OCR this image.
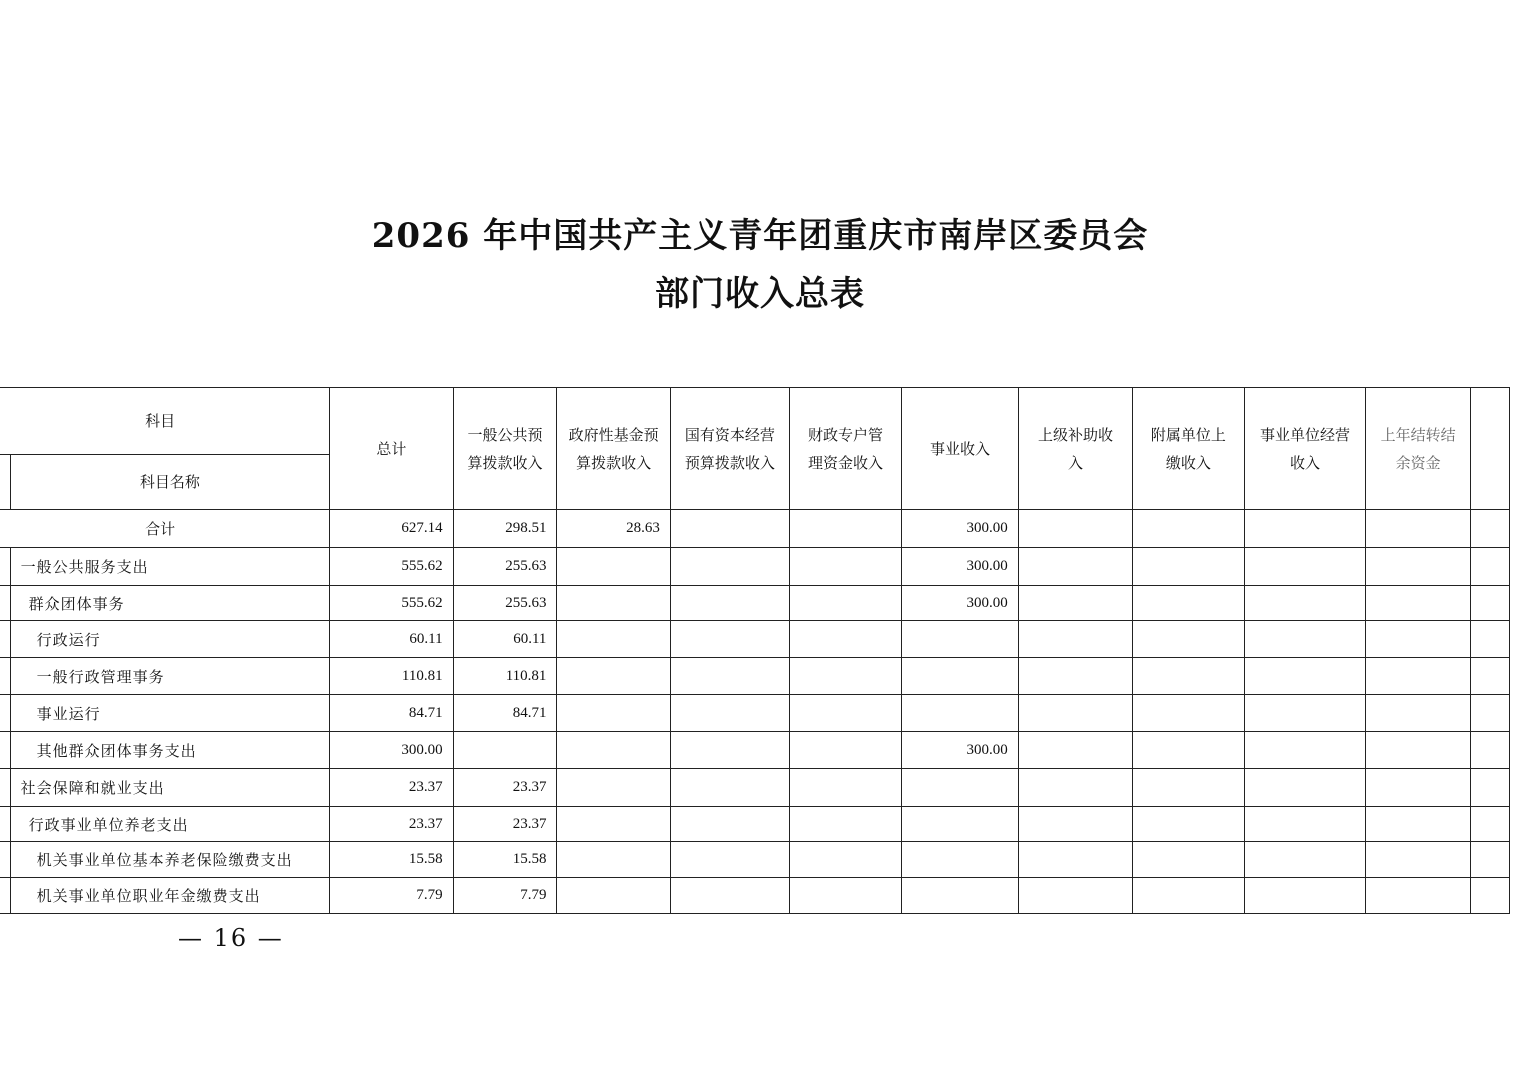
2026 年中国共产主义青年团重庆市南岸区委员会
部门收入总表
科目		总计	一般公共预算拨款收入	政府性基金预算拨款收入	国有资本经营预算拨款收入	财政专户管理资金收入	事业收入	上级补助收入	附属单位上缴收入	事业单位经营收入	上年结转结余资金	
	科目名称											
合计		627.14	298.51	28.63			300.00					
	一般公共服务支出	555.62	255.63				300.00					
	群众团体事务	555.62	255.63				300.00					
	行政运行	60.11	60.11									
	一般行政管理事务	110.81	110.81									
	事业运行	84.71	84.71									
	其他群众团体事务支出	300.00					300.00					
	社会保障和就业支出	23.37	23.37									
	行政事业单位养老支出	23.37	23.37									
	机关事业单位基本养老保险缴费支出	15.58	15.58									
	机关事业单位职业年金缴费支出	7.79	7.79									
— 16 —
